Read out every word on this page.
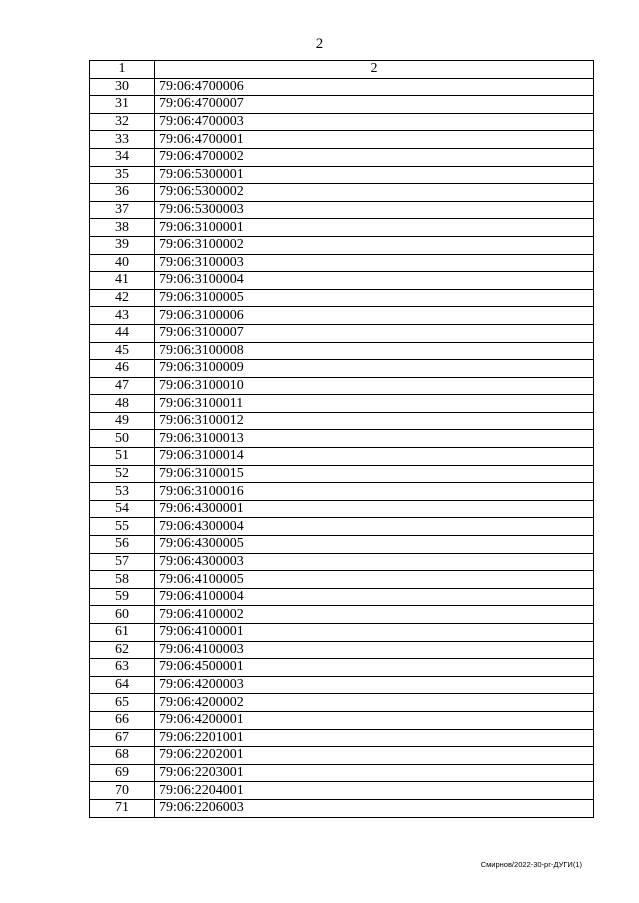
2
1	2
30	79:06:4700006
31	79:06:4700007
32	79:06:4700003
33	79:06:4700001
34	79:06:4700002
35	79:06:5300001
36	79:06:5300002
37	79:06:5300003
38	79:06:3100001
39	79:06:3100002
40	79:06:3100003
41	79:06:3100004
42	79:06:3100005
43	79:06:3100006
44	79:06:3100007
45	79:06:3100008
46	79:06:3100009
47	79:06:3100010
48	79:06:3100011
49	79:06:3100012
50	79:06:3100013
51	79:06:3100014
52	79:06:3100015
53	79:06:3100016
54	79:06:4300001
55	79:06:4300004
56	79:06:4300005
57	79:06:4300003
58	79:06:4100005
59	79:06:4100004
60	79:06:4100002
61	79:06:4100001
62	79:06:4100003
63	79:06:4500001
64	79:06:4200003
65	79:06:4200002
66	79:06:4200001
67	79:06:2201001
68	79:06:2202001
69	79:06:2203001
70	79:06:2204001
71	79:06:2206003
Смирнов/2022-30-рг-ДУГИ(1)
